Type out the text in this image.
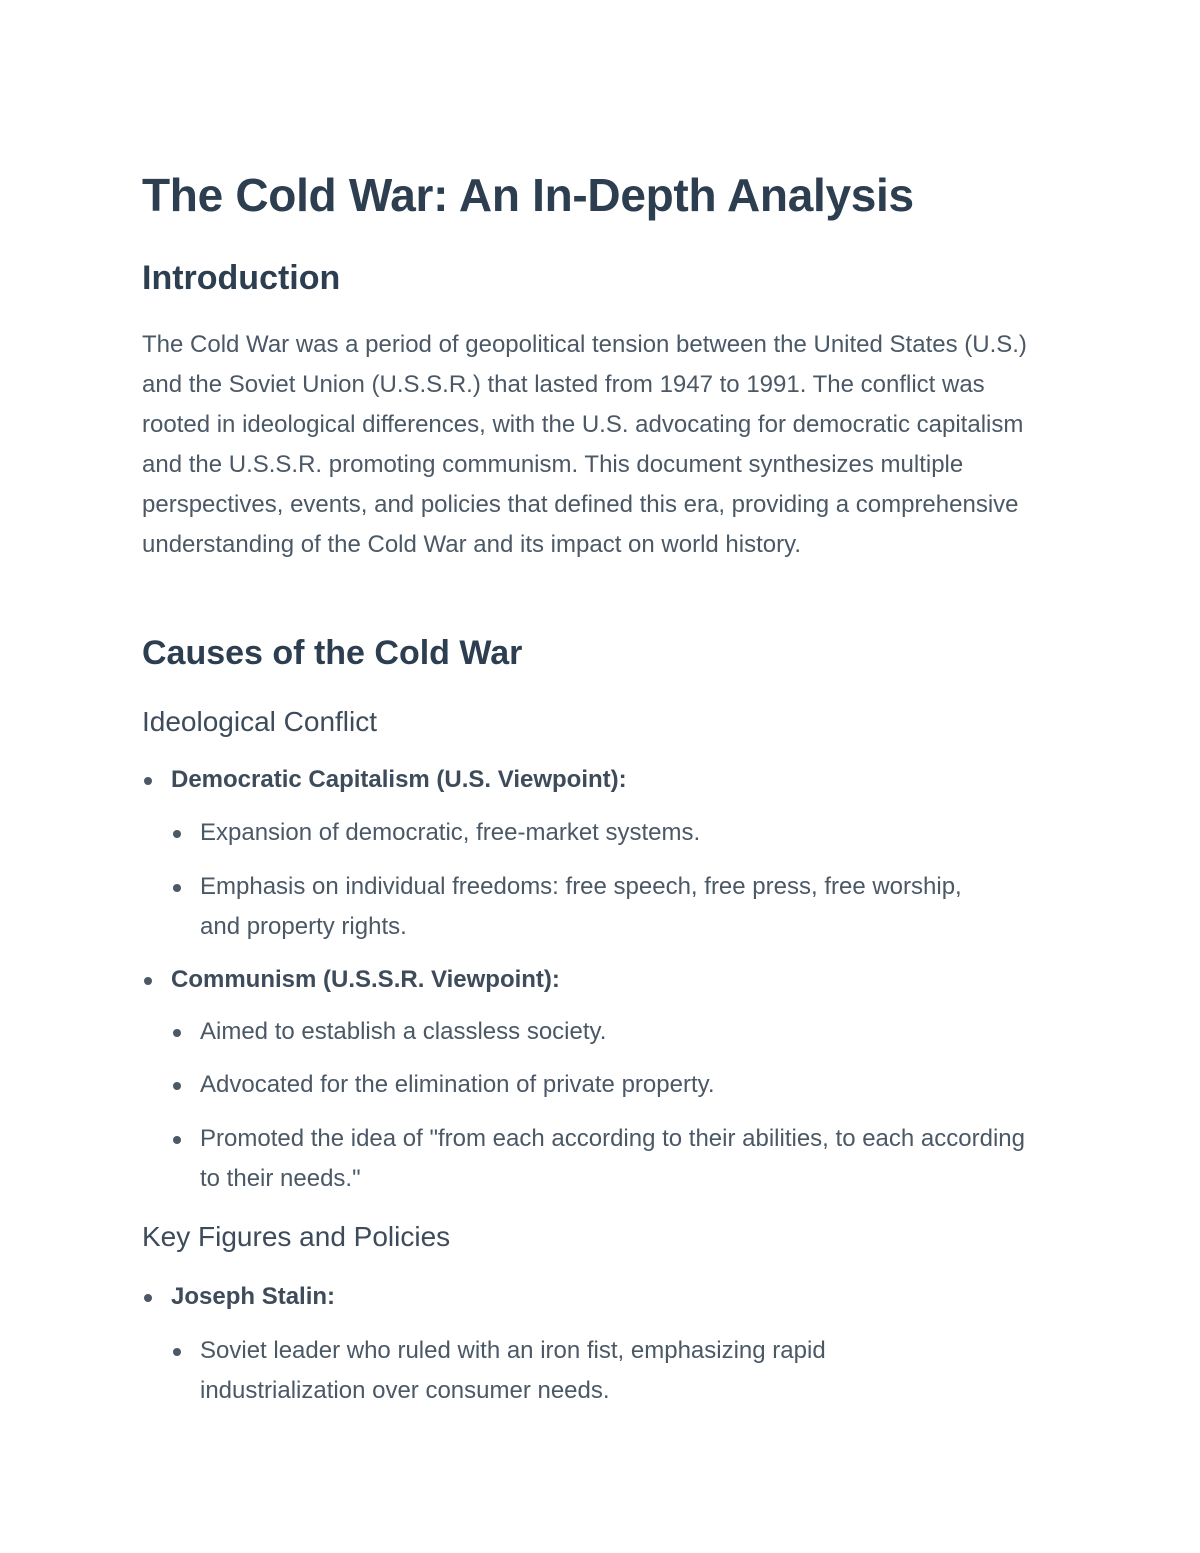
The Cold War: An In-Depth Analysis
Introduction

The Cold War was a period of geopolitical tension between the United States (U.S.) and the Soviet Union (U.S.S.R.) that lasted from 1947 to 1991. The conflict was rooted in ideological differences, with the U.S. advocating for democratic capitalism and the U.S.S.R. promoting communism. This document synthesizes multiple perspectives, events, and policies that defined this era, providing a comprehensive understanding of the Cold War and its impact on world history.

Causes of the Cold War
Ideological Conflict
Democratic Capitalism (U.S. Viewpoint):
Expansion of democratic, free-market systems.
Emphasis on individual freedoms: free speech, free press, free worship, and property rights.
Communism (U.S.S.R. Viewpoint):
Aimed to establish a classless society.
Advocated for the elimination of private property.
Promoted the idea of "from each according to their abilities, to each according to their needs."
Key Figures and Policies
Joseph Stalin:
Soviet leader who ruled with an iron fist, emphasizing rapid industrialization over consumer needs.
